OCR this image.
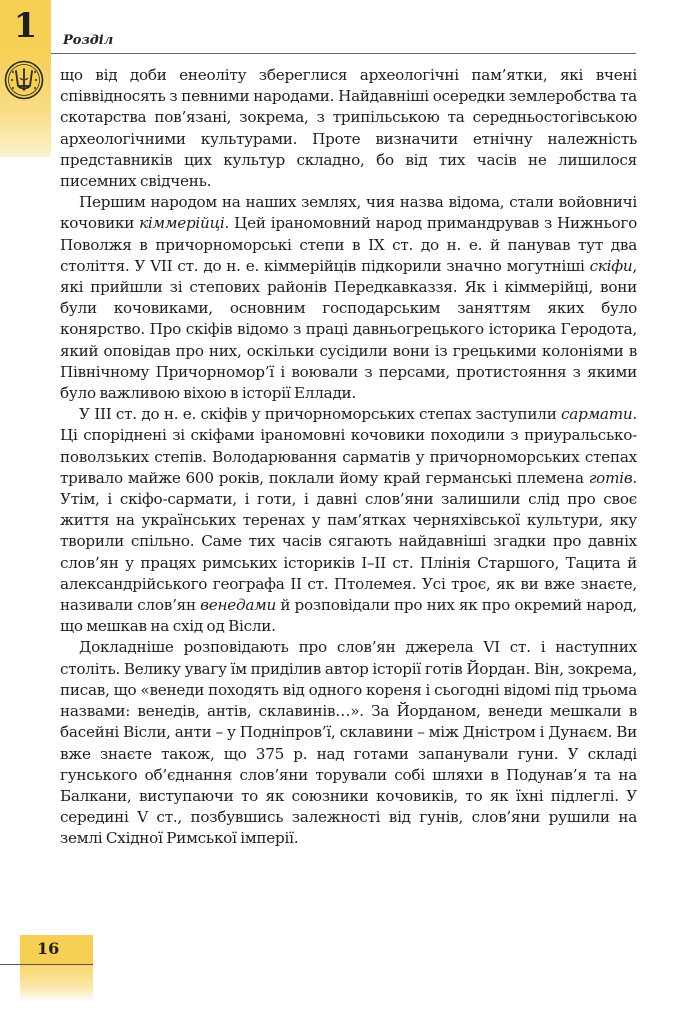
1 Розділ

що від доби енеоліту збереглися археологічні пам’ятки, які вчені співвідносять з певними народами. Найдавніші осередки землеробства та скотарства пов’язані, зокрема, з трипільською та середньостогівською археологічними культурами. Проте визначити етнічну належність представників цих культур складно, бо від тих часів не лишилося писемних свідчень.

Першим народом на наших землях, чия назва відома, стали войовничі кочовики кіммерійці. Цей іраномовний народ примандрував з Нижнього Поволжя в причорноморські степи в IX ст. до н. е. й панував тут два століття. У VII ст. до н. е. кіммерійців підкорили значно могутніші скіфи, які прийшли зі степових районів Передкавказзя. Як і кіммерійці, вони були кочовиками, основним господарським заняттям яких було конярство. Про скіфів відомо з праці давньогрецького історика Геродота, який оповідав про них, оскільки сусідили вони із грецькими колоніями в Північному Причорномор’ї і воювали з персами, протистояння з якими було важливою віхою в історії Еллади.

У III ст. до н. е. скіфів у причорноморських степах заступили сармати. Ці споріднені зі скіфами іраномовні кочовики походили з приуральсько-поволзьких степів. Володарювання сарматів у причорноморських степах тривало майже 600 років, поклали йому край германські племена готів. Утім, і скіфо-сармати, і готи, і давні слов’яни залишили слід про своє життя на українських теренах у пам’ятках черняхівської культури, яку творили спільно. Саме тих часів сягають найдавніші згадки про давніх слов’ян у працях римських істориків I–II ст. Плінія Старшого, Тацита й александрійського географа II ст. Птолемея. Усі троє, як ви вже знаєте, називали слов’ян венедами й розповідали про них як про окремий народ, що мешкав на схід од Вісли.

Докладніше розповідають про слов’ян джерела VI ст. і наступних століть. Велику увагу їм приділив автор історії готів Йордан. Він, зокрема, писав, що «венеди походять від одного кореня і сьогодні відомі під трьома назвами: венедів, антів, склавинів…». За Йорданом, венеди мешкали в басейні Вісли, анти – у Подніпров’ї, склавини – між Дністром і Дунаєм. Ви вже знаєте також, що 375 р. над готами запанували гуни. У складі гунського об’єднання слов’яни торували собі шляхи в Подунав’я та на Балкани, виступаючи то як союзники кочовиків, то як їхні підлеглі. У середині V ст., позбувшись залежності від гунів, слов’яни рушили на землі Східної Римської імперії.

16
